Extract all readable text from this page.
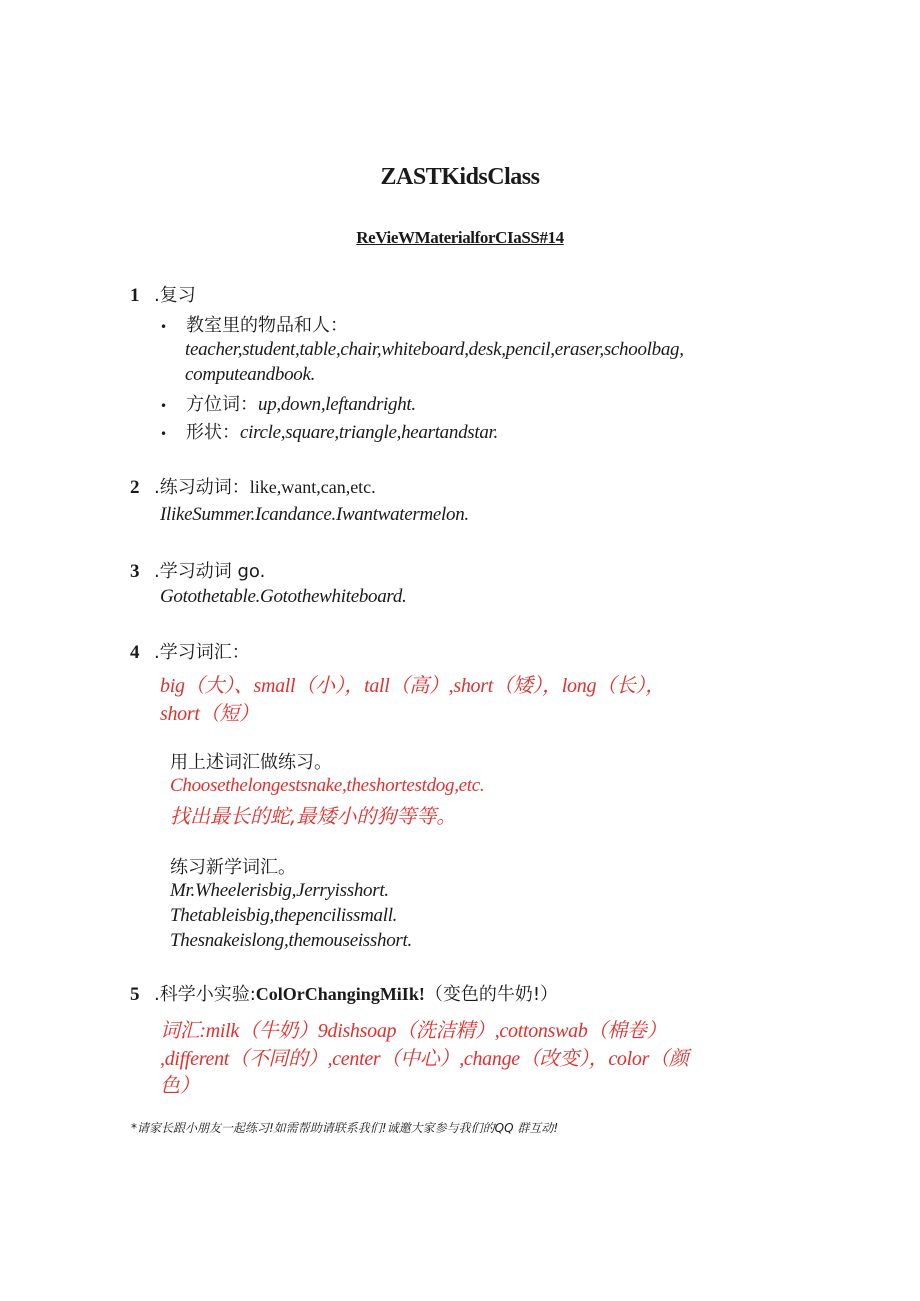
ZASTKidsClass
ReVieWMaterialforCIaSS#14
1 .复习
• 教室里的物品和人：
teacher,student,table,chair,whiteboard,desk,pencil,eraser,schoolbag,
computeandbook.
• 方位词：up,down,leftandright.
• 形状：circle,square,triangle,heartandstar.
2 .练习动词：like,want,can,etc.
IlikeSummer.Icandance.Iwantwatermelon.
3 .学习动词 go.
Gotothetable.Gotothewhiteboard.
4 .学习词汇：
big（大）、small（小），tall（高）,short（矮），long（长），
short（短）
用上述词汇做练习。
Choosethelongestsnake,theshortestdog,etc.
找出最长的蛇,最矮小的狗等等。
练习新学词汇。
Mr.Wheelerisbig,Jerryisshort.
Thetableisbig,thepencilissmall.
Thesnakeislong,themouseisshort.
5 .科学小实验:ColOrChangingMiIk!（变色的牛奶!）
词汇:milk（牛奶）9dishsoap（洗洁精）,cottonswab（棉卷）
,different（不同的）,center（中心）,change（改变），color（颜
色）
*请家长跟小朋友一起练习!如需帮助请联系我们!诚邀大家参与我们的QQ 群互动!
